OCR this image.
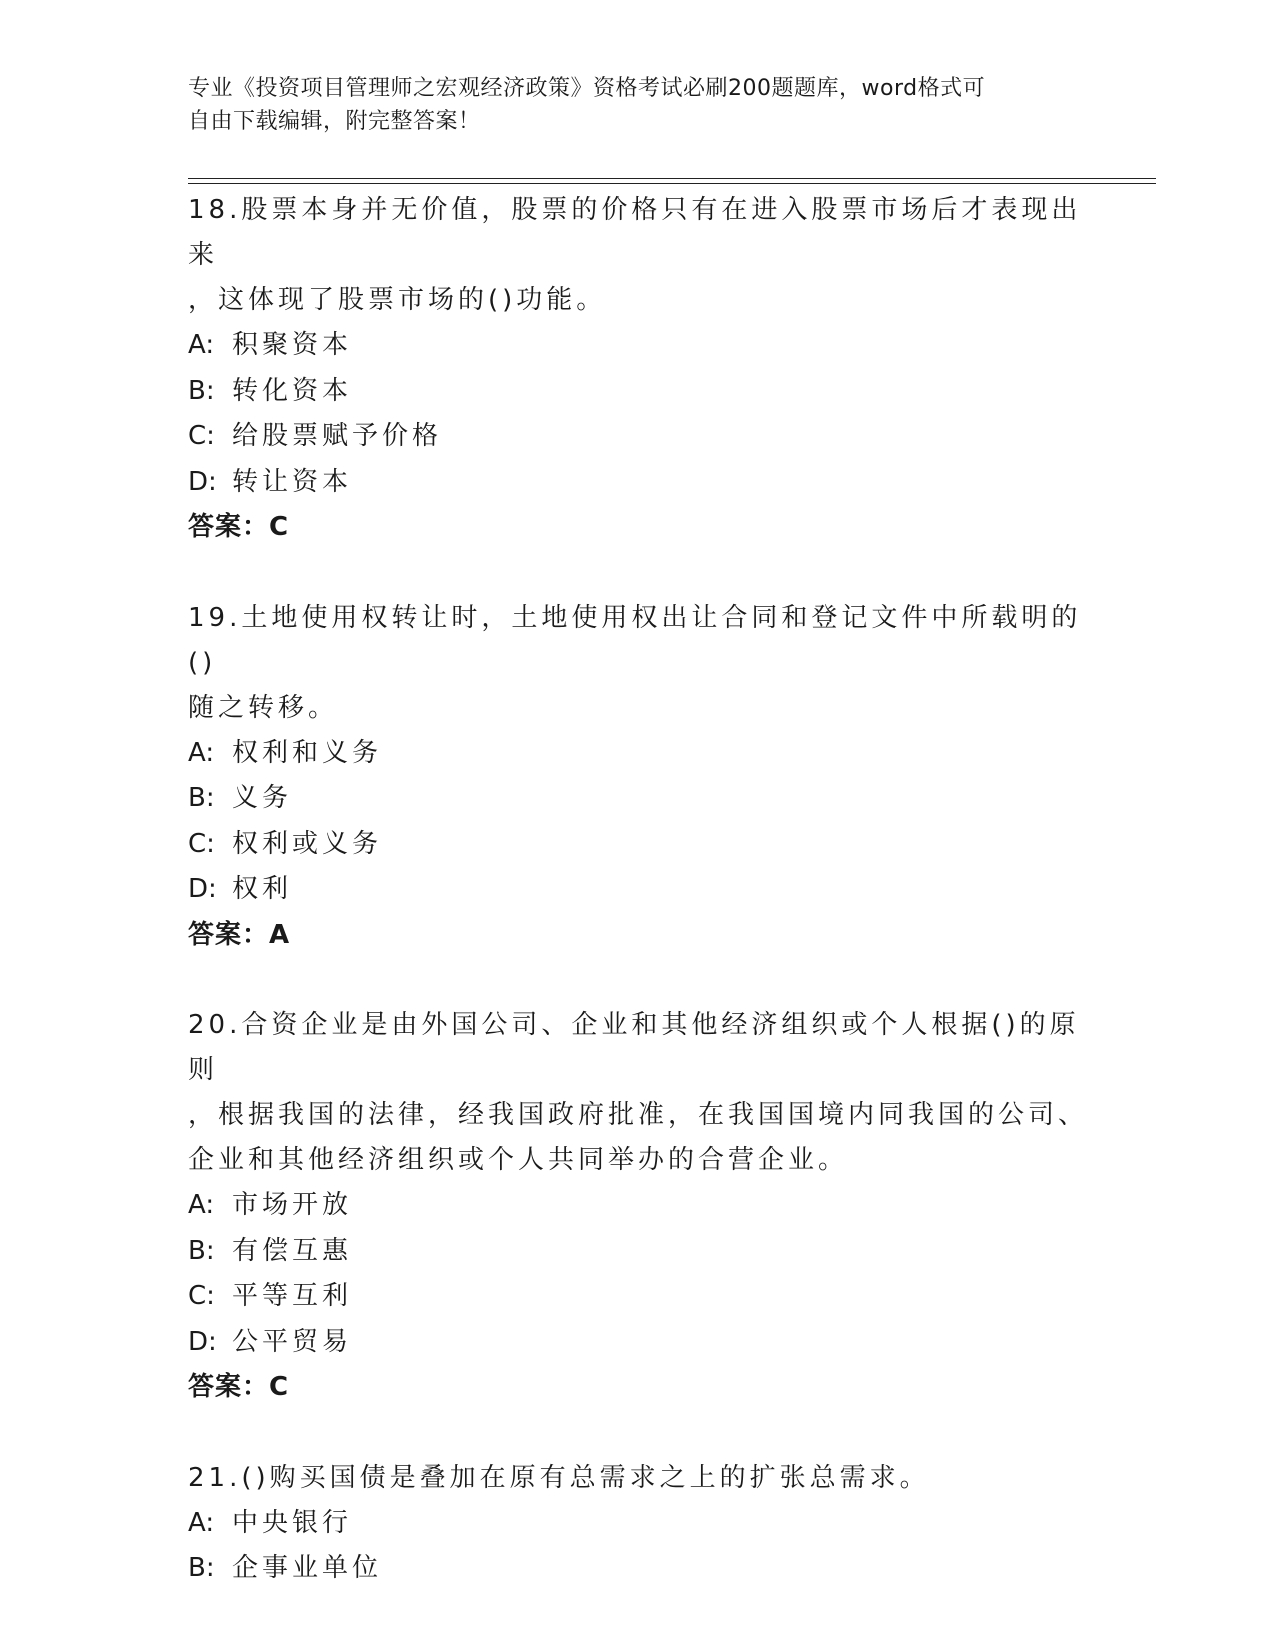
专业《投资项目管理师之宏观经济政策》资格考试必刷200题题库，word格式可
自由下载编辑，附完整答案！

18.股票本身并无价值，股票的价格只有在进入股票市场后才表现出来

，这体现了股票市场的()功能。

A: 积聚资本

B: 转化资本

C: 给股票赋予价格

D: 转让资本

答案：C

19.土地使用权转让时，土地使用权出让合同和登记文件中所载明的()

随之转移。

A: 权利和义务

B: 义务

C: 权利或义务

D: 权利

答案：A

20.合资企业是由外国公司、企业和其他经济组织或个人根据()的原则

，根据我国的法律，经我国政府批准，在我国国境内同我国的公司、

企业和其他经济组织或个人共同举办的合营企业。

A: 市场开放

B: 有偿互惠

C: 平等互利

D: 公平贸易

答案：C

21.()购买国债是叠加在原有总需求之上的扩张总需求。

A: 中央银行

B: 企事业单位
